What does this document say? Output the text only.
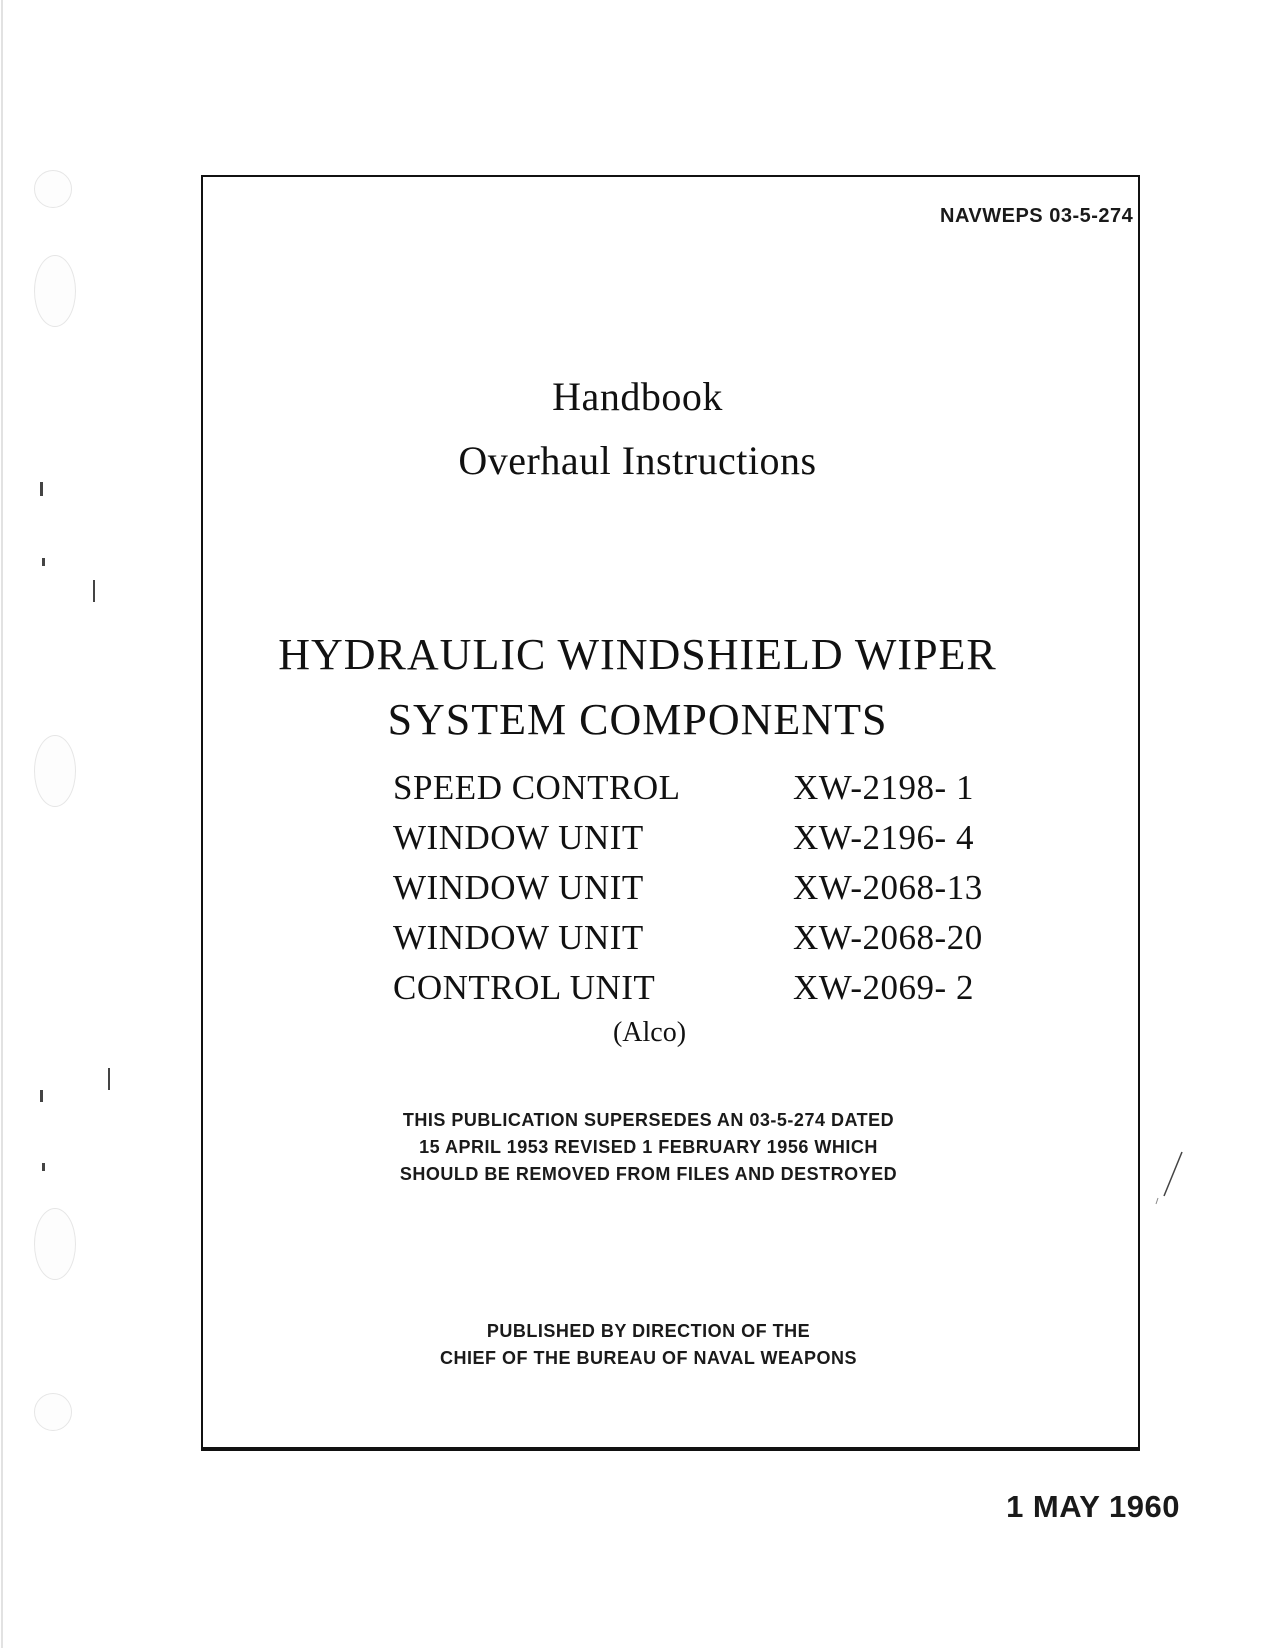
NAVWEPS 03-5-274
Handbook
Overhaul Instructions
HYDRAULIC WINDSHIELD WIPER
SYSTEM COMPONENTS
SPEED CONTROL	XW-2198- 1
WINDOW UNIT	XW-2196- 4
WINDOW UNIT	XW-2068-13
WINDOW UNIT	XW-2068-20
CONTROL UNIT	XW-2069- 2
(Alco)
THIS PUBLICATION SUPERSEDES AN 03-5-274 DATED
15 APRIL 1953 REVISED 1 FEBRUARY 1956 WHICH
SHOULD BE REMOVED FROM FILES AND DESTROYED
PUBLISHED BY DIRECTION OF THE
CHIEF OF THE BUREAU OF NAVAL WEAPONS
1 MAY 1960
